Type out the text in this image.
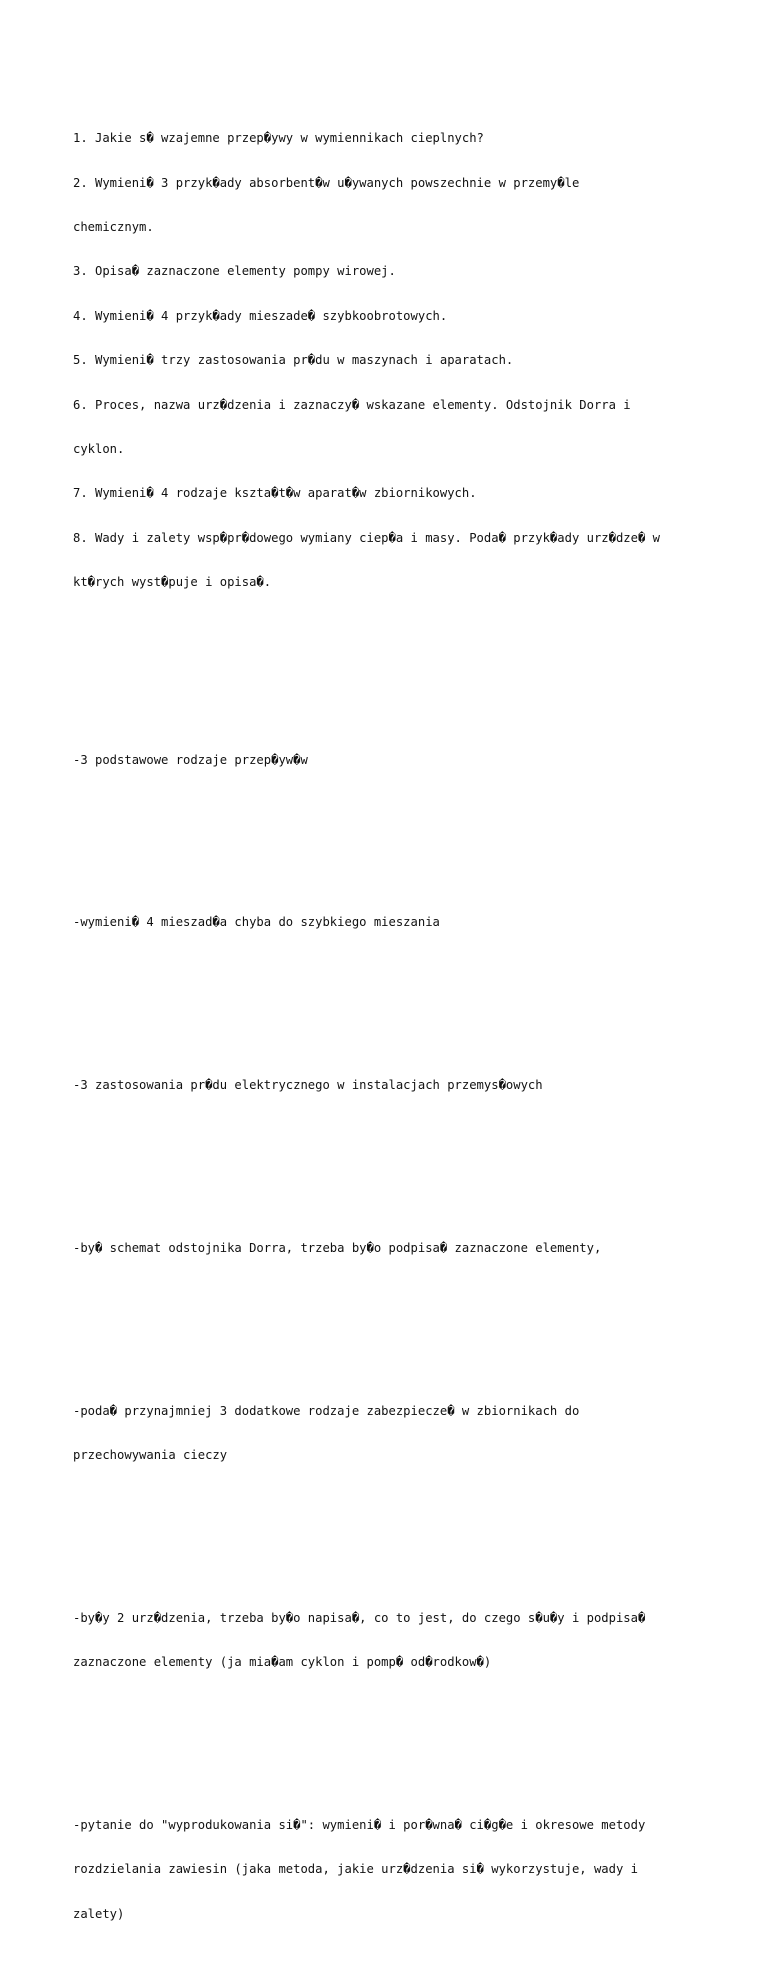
1. Jakie s� wzajemne przep�ywy w wymiennikach cieplnych?

2. Wymieni� 3 przyk�ady absorbent�w u�ywanych powszechnie w przemy�le

chemicznym.

3. Opisa� zaznaczone elementy pompy wirowej.

4. Wymieni� 4 przyk�ady mieszade� szybkoobrotowych.

5. Wymieni� trzy zastosowania pr�du w maszynach i aparatach.

6. Proces, nazwa urz�dzenia i zaznaczy� wskazane elementy. Odstojnik Dorra i

cyklon.

7. Wymieni� 4 rodzaje kszta�t�w aparat�w zbiornikowych.

8. Wady i zalety wsp�pr�dowego wymiany ciep�a i masy. Poda� przyk�ady urz�dze� w

kt�rych wyst�puje i opisa�.

-3 podstawowe rodzaje przep�yw�w

-wymieni� 4 mieszad�a chyba do szybkiego mieszania

-3 zastosowania pr�du elektrycznego w instalacjach przemys�owych

-by� schemat odstojnika Dorra, trzeba by�o podpisa� zaznaczone elementy,

-poda� przynajmniej 3 dodatkowe rodzaje zabezpiecze� w zbiornikach do

przechowywania cieczy

-by�y 2 urz�dzenia, trzeba by�o napisa�, co to jest, do czego s�u�y i podpisa�

zaznaczone elementy (ja mia�am cyklon i pomp� od�rodkow�)

-pytanie do "wyprodukowania si�": wymieni� i por�wna� ci�g�e i okresowe metody

rozdzielania zawiesin (jaka metoda, jakie urz�dzenia si� wykorzystuje, wady i

zalety)
